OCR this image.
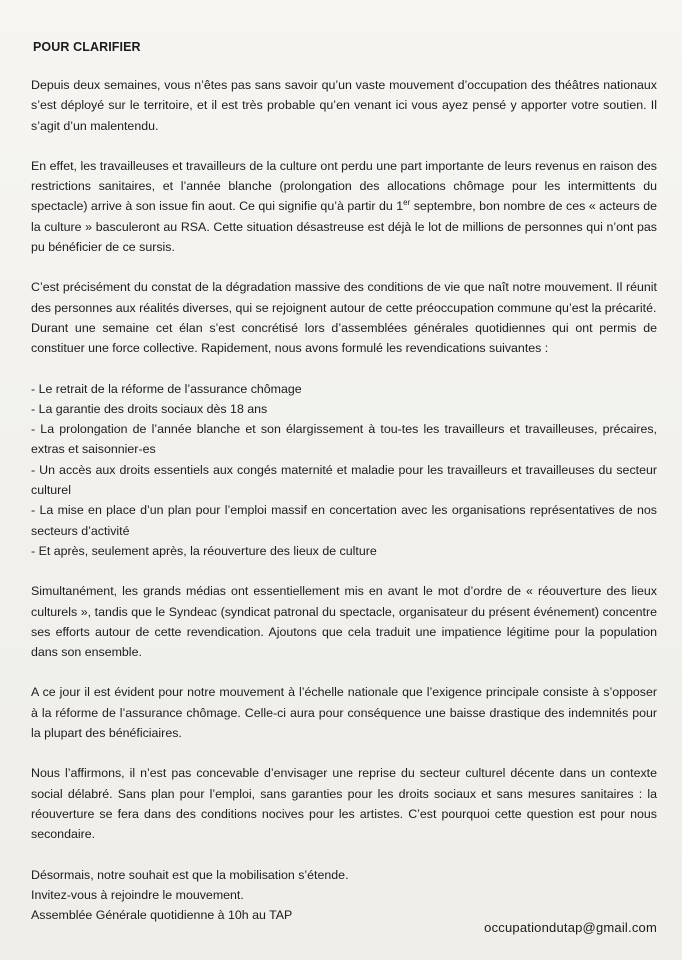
POUR CLARIFIER

Depuis deux semaines, vous n’êtes pas sans savoir qu’un vaste mouvement d’occupation des théâtres nationaux s’est déployé sur le territoire, et il est très probable qu’en venant ici vous ayez pensé y apporter votre soutien. Il s’agit d’un malentendu.

En effet, les travailleuses et travailleurs de la culture ont perdu une part importante de leurs revenus en raison des restrictions sanitaires, et l’année blanche (prolongation des allocations chômage pour les intermittents du spectacle) arrive à son issue fin aout. Ce qui signifie qu’à partir du 1er septembre, bon nombre de ces « acteurs de la culture » basculeront au RSA. Cette situation désastreuse est déjà le lot de millions de personnes qui n’ont pas pu bénéficier de ce sursis.

C’est précisément du constat de la dégradation massive des conditions de vie que naît notre mouvement. Il réunit des personnes aux réalités diverses, qui se rejoignent autour de cette préoccupation commune qu’est la précarité.

Durant une semaine cet élan s’est concrétisé lors d’assemblées générales quotidiennes qui ont permis de constituer une force collective. Rapidement, nous avons formulé les revendications suivantes :

- Le retrait de la réforme de l’assurance chômage
- La garantie des droits sociaux dès 18 ans
- La prolongation de l’année blanche et son élargissement à tou-tes les travailleurs et travailleuses, précaires, extras et saisonnier-es
- Un accès aux droits essentiels aux congés maternité et maladie pour les travailleurs et travailleuses du secteur culturel
- La mise en place d’un plan pour l’emploi massif en concertation avec les organisations représentatives de nos secteurs d’activité
- Et après, seulement après, la réouverture des lieux de culture

Simultanément, les grands médias ont essentiellement mis en avant le mot d’ordre de « réouverture des lieux culturels », tandis que le Syndeac (syndicat patronal du spectacle, organisateur du présent événement) concentre ses efforts autour de cette revendication. Ajoutons que cela traduit une impatience légitime pour la population dans son ensemble.

A ce jour il est évident pour notre mouvement à l’échelle nationale que l’exigence principale consiste à s’opposer à la réforme de l’assurance chômage. Celle-ci aura pour conséquence une baisse drastique des indemnités pour la plupart des bénéficiaires.

Nous l’affirmons, il n’est pas concevable d’envisager une reprise du secteur culturel décente dans un contexte social délabré. Sans plan pour l’emploi, sans garanties pour les droits sociaux et sans mesures sanitaires : la réouverture se fera dans des conditions nocives pour les artistes. C’est pourquoi cette question est pour nous secondaire.

Désormais, notre souhait est que la mobilisation s’étende.
Invitez-vous à rejoindre le mouvement.
Assemblée Générale quotidienne à 10h au TAP
occupationdutap@gmail.com
